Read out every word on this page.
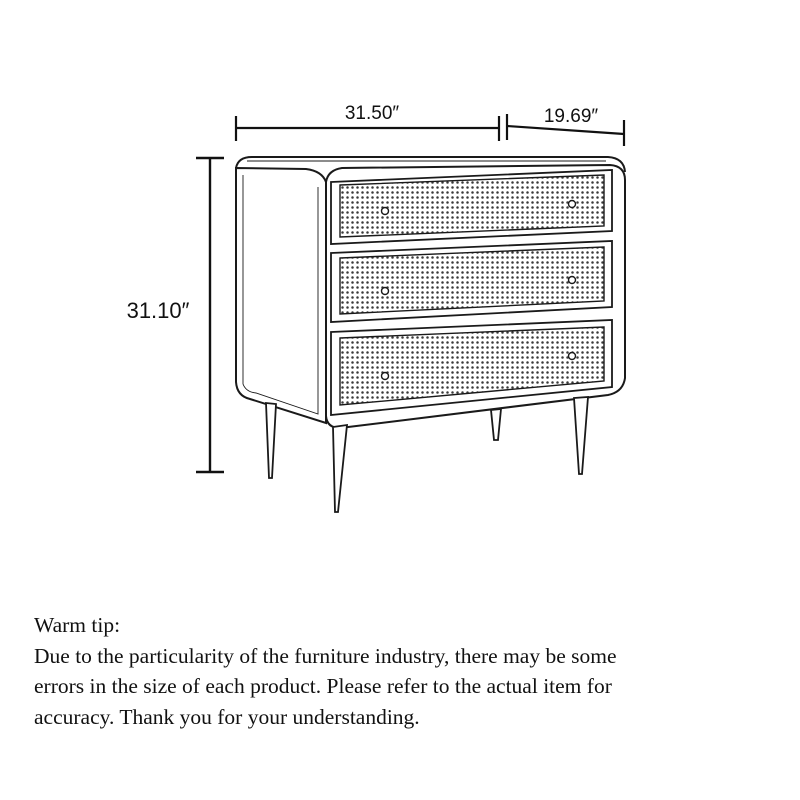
31.50″	19.69″
31.10″
Warm tip:
Due to the particularity of the furniture industry, there may be some
errors in the size of each product. Please refer to the actual item for
accuracy. Thank you for your understanding.
